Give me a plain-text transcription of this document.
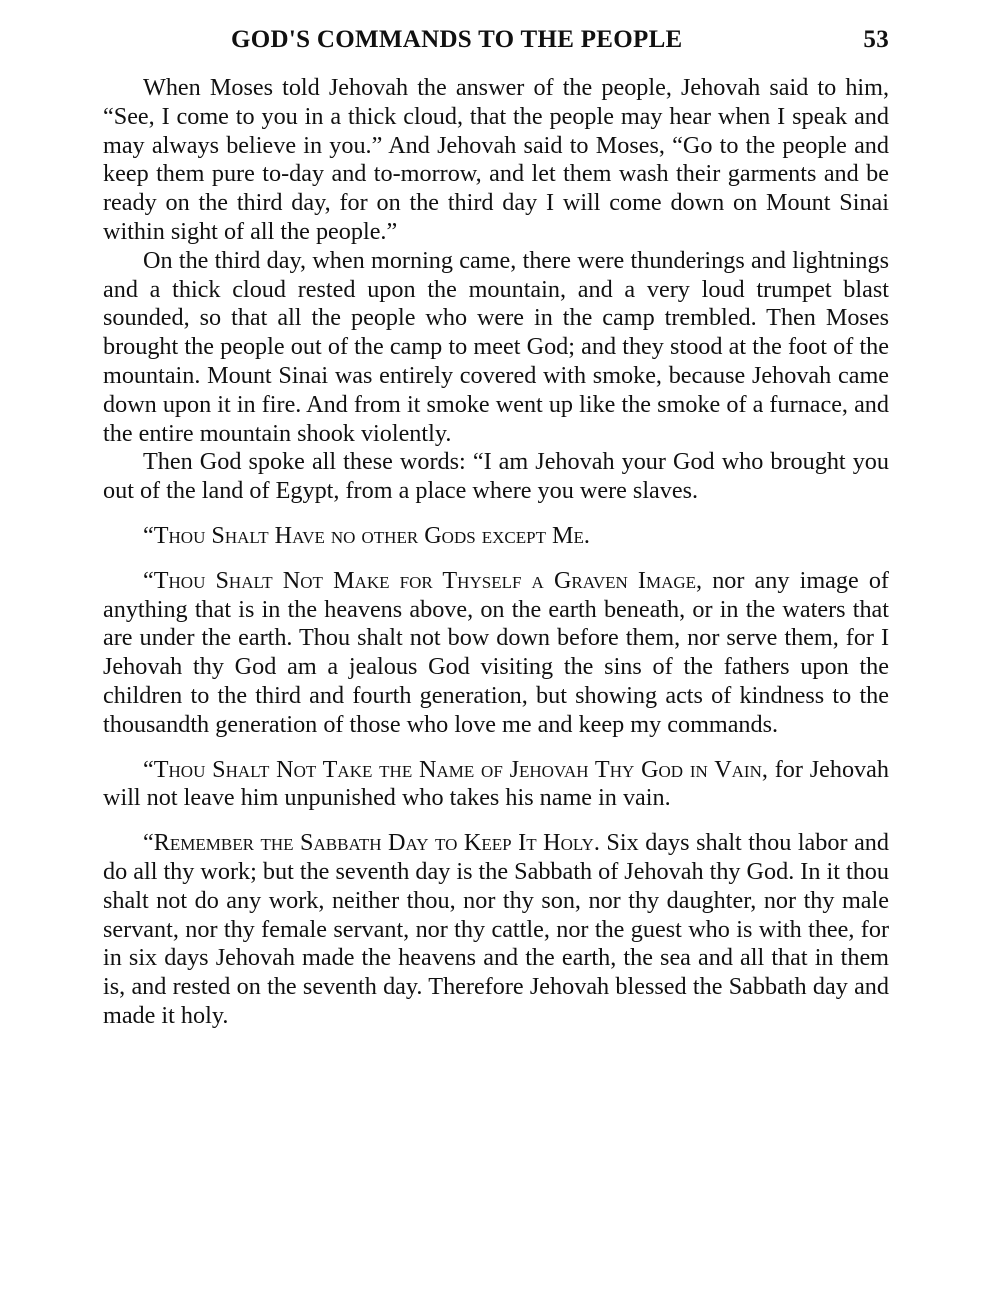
GOD'S COMMANDS TO THE PEOPLE	53

When Moses told Jehovah the answer of the people, Jehovah said to him, “See, I come to you in a thick cloud, that the people may hear when I speak and may always believe in you.” And Jehovah said to Moses, “Go to the people and keep them pure to-day and to-morrow, and let them wash their garments and be ready on the third day, for on the third day I will come down on Mount Sinai within sight of all the people.”

On the third day, when morning came, there were thunderings and lightnings and a thick cloud rested upon the mountain, and a very loud trumpet blast sounded, so that all the people who were in the camp trembled. Then Moses brought the people out of the camp to meet God; and they stood at the foot of the mountain. Mount Sinai was entirely covered with smoke, because Jehovah came down upon it in fire. And from it smoke went up like the smoke of a furnace, and the entire mountain shook violently.

Then God spoke all these words: “I am Jehovah your God who brought you out of the land of Egypt, from a place where you were slaves.

“Thou Shalt Have no other Gods except Me.

“Thou Shalt Not Make for Thyself a Graven Image, nor any image of anything that is in the heavens above, on the earth beneath, or in the waters that are under the earth. Thou shalt not bow down before them, nor serve them, for I Jehovah thy God am a jealous God visiting the sins of the fathers upon the children to the third and fourth generation, but showing acts of kindness to the thousandth generation of those who love me and keep my commands.

“Thou Shalt Not Take the Name of Jehovah Thy God in Vain, for Jehovah will not leave him unpunished who takes his name in vain.

“Remember the Sabbath Day to Keep It Holy. Six days shalt thou labor and do all thy work; but the seventh day is the Sabbath of Jehovah thy God. In it thou shalt not do any work, neither thou, nor thy son, nor thy daughter, nor thy male servant, nor thy female servant, nor thy cattle, nor the guest who is with thee, for in six days Jehovah made the heavens and the earth, the sea and all that in them is, and rested on the seventh day. Therefore Jehovah blessed the Sabbath day and made it holy.
